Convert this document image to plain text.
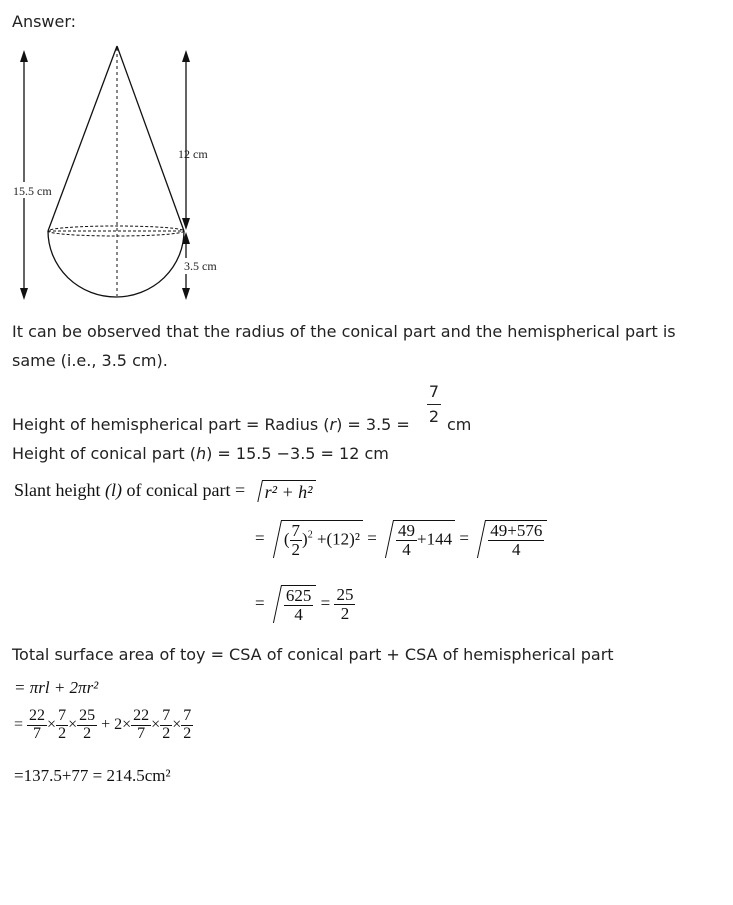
Answer:
15.5 cm
12 cm
3.5 cm
It can be observed that the radius of the conical part and the hemispherical part is
same (i.e., 3.5 cm).
Height of hemispherical part = Radius (r) = 3.5 =
7
2 cm
Height of conical part (h) = 15.5 −3.5 = 12 cm
Slant height (l) of conical part = r² + h²
= ( $\frac{7}{2} )^2 +(12)^2 = \frac{49}{4} +144 = \frac{49+576}{4}$
= $\frac{625}{4} = \frac{25}{2}$
Total surface area of toy = CSA of conical part + CSA of hemispherical part
= πrl + 2πr²
= $\frac{22}{7} \times \frac{7}{2} \times \frac{25}{2} + 2\times \frac{22}{7} \times \frac{7}{2} \times \frac{7}{2}$
=137.5+77 = 214.5cm²
